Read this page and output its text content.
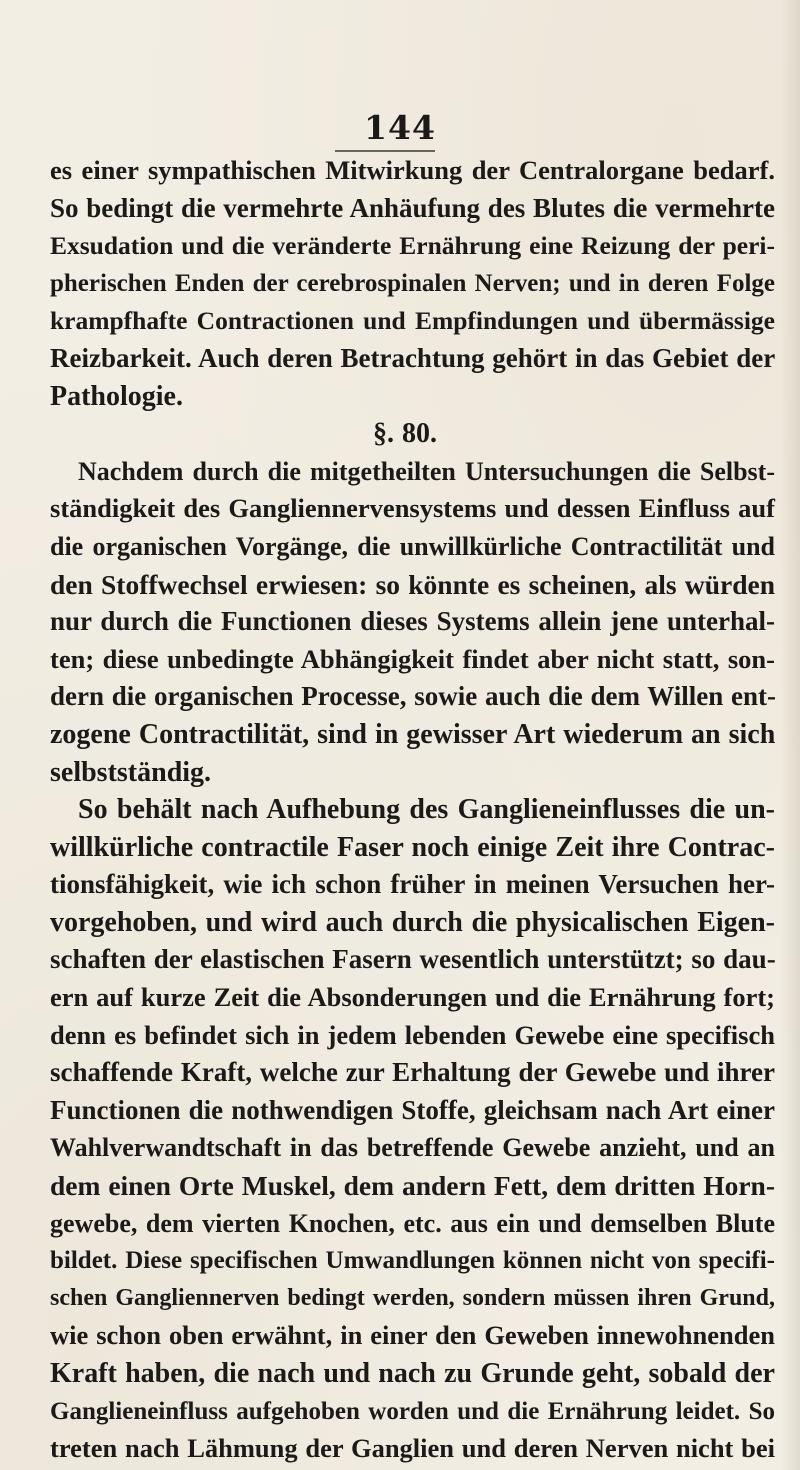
144
es einer sympathischen Mitwirkung der Centralorgane bedarf.
So bedingt die vermehrte Anhäufung des Blutes die vermehrte
Exsudation und die veränderte Ernährung eine Reizung der peri-
pherischen Enden der cerebrospinalen Nerven; und in deren Folge
krampfhafte Contractionen und Empfindungen und übermässige
Reizbarkeit. Auch deren Betrachtung gehört in das Gebiet der
Pathologie.
§. 80.
Nachdem durch die mitgetheilten Untersuchungen die Selbst-
ständigkeit des Gangliennervensystems und dessen Einfluss auf
die organischen Vorgänge, die unwillkürliche Contractilität und
den Stoffwechsel erwiesen: so könnte es scheinen, als würden
nur durch die Functionen dieses Systems allein jene unterhal-
ten; diese unbedingte Abhängigkeit findet aber nicht statt, son-
dern die organischen Processe, sowie auch die dem Willen ent-
zogene Contractilität, sind in gewisser Art wiederum an sich
selbstständig.
So behält nach Aufhebung des Ganglieneinflusses die un-
willkürliche contractile Faser noch einige Zeit ihre Contrac-
tionsfähigkeit, wie ich schon früher in meinen Versuchen her-
vorgehoben, und wird auch durch die physicalischen Eigen-
schaften der elastischen Fasern wesentlich unterstützt; so dau-
ern auf kurze Zeit die Absonderungen und die Ernährung fort;
denn es befindet sich in jedem lebenden Gewebe eine specifisch
schaffende Kraft, welche zur Erhaltung der Gewebe und ihrer
Functionen die nothwendigen Stoffe, gleichsam nach Art einer
Wahlverwandtschaft in das betreffende Gewebe anzieht, und an
dem einen Orte Muskel, dem andern Fett, dem dritten Horn-
gewebe, dem vierten Knochen, etc. aus ein und demselben Blute
bildet. Diese specifischen Umwandlungen können nicht von specifi-
schen Gangliennerven bedingt werden, sondern müssen ihren Grund,
wie schon oben erwähnt, in einer den Geweben innewohnenden
Kraft haben, die nach und nach zu Grunde geht, sobald der
Ganglieneinfluss aufgehoben worden und die Ernährung leidet. So
treten nach Lähmung der Ganglien und deren Nerven nicht bei
